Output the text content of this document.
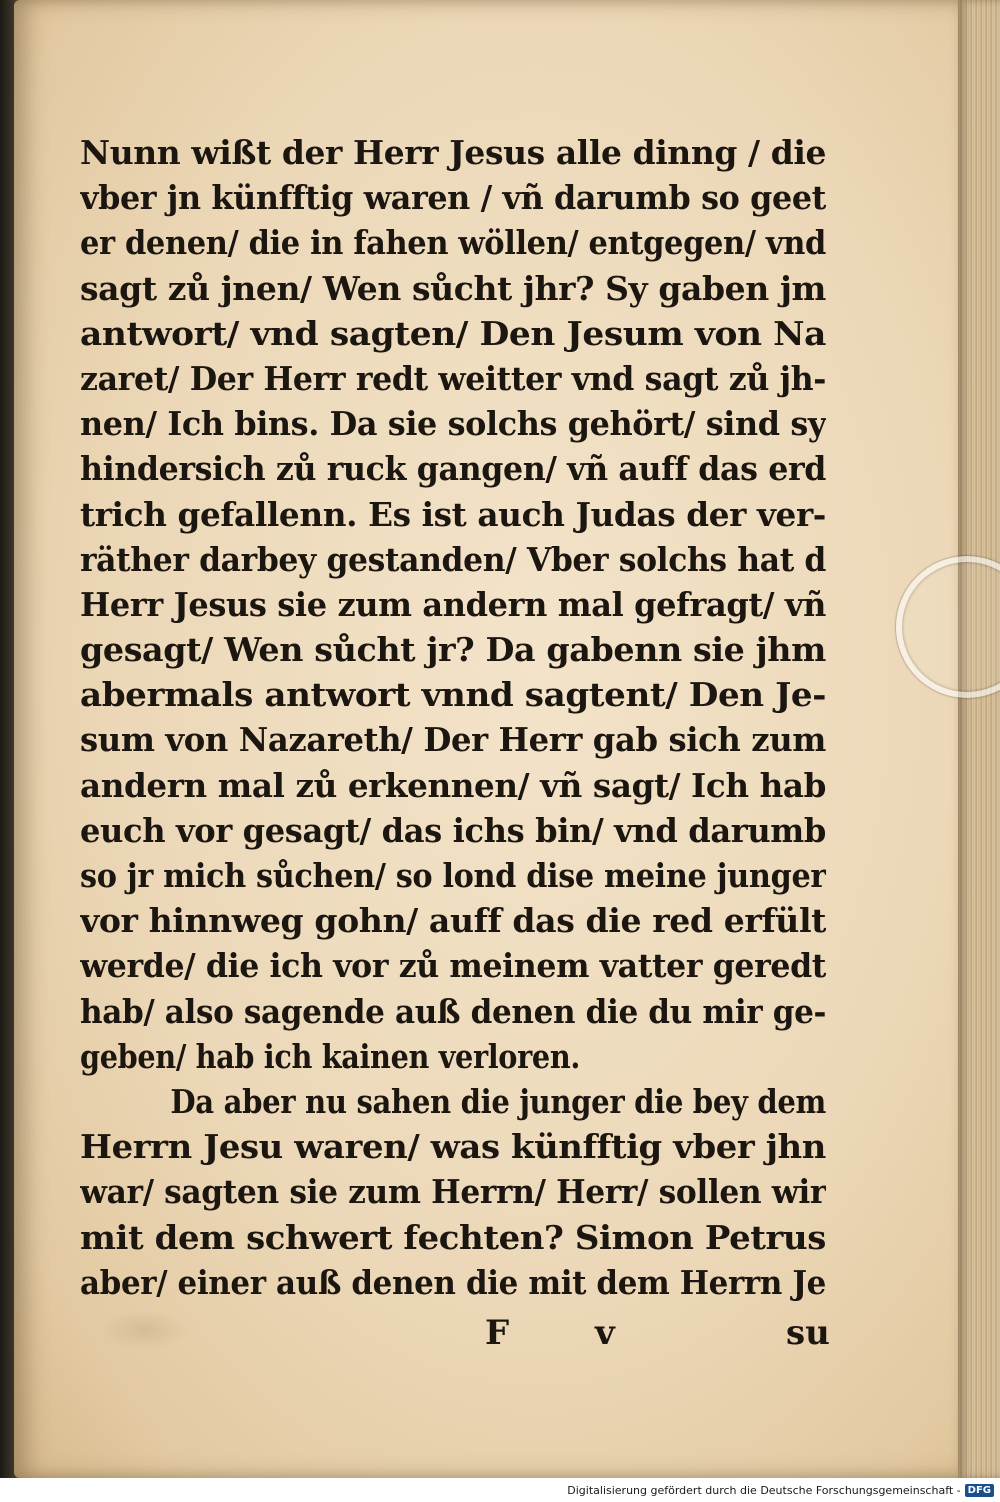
Nunn wißt der Herr Jesus alle dinng / die
vber jn künfftig waren / vñ darumb so geet
er denen/ die in fahen wöllen/ entgegen/ vnd
sagt zů jnen/ Wen sůcht jhr? Sy gaben jm
antwort/ vnd sagten/ Den Jesum von Na
zaret/ Der Herr redt weitter vnd sagt zů jh-
nen/ Ich bins. Da sie solchs gehört/ sind sy
hindersich zů ruck gangen/ vñ auff das erd
trich gefallenn. Es ist auch Judas der ver-
räther darbey gestanden/ Vber solchs hat d
Herr Jesus sie zum andern mal gefragt/ vñ
gesagt/ Wen sůcht jr? Da gabenn sie jhm
abermals antwort vnnd sagtent/ Den Je-
sum von Nazareth/ Der Herr gab sich zum
andern mal zů erkennen/ vñ sagt/ Ich hab
euch vor gesagt/ das ichs bin/ vnd darumb
so jr mich sůchen/ so lond dise meine junger
vor hinnweg gohn/ auff das die red erfült
werde/ die ich vor zů meinem vatter geredt
hab/ also sagende auß denen die du mir ge-
geben/ hab ich kainen verloren.
Da aber nu sahen die junger die bey dem
Herrn Jesu waren/ was künfftig vber jhn
war/ sagten sie zum Herrn/ Herr/ sollen wir
mit dem schwert fechten? Simon Petrus
aber/ einer auß denen die mit dem Herrn Je
F	v	su
Digitalisierung gefördert durch die Deutsche Forschungsgemeinschaft - DFG
